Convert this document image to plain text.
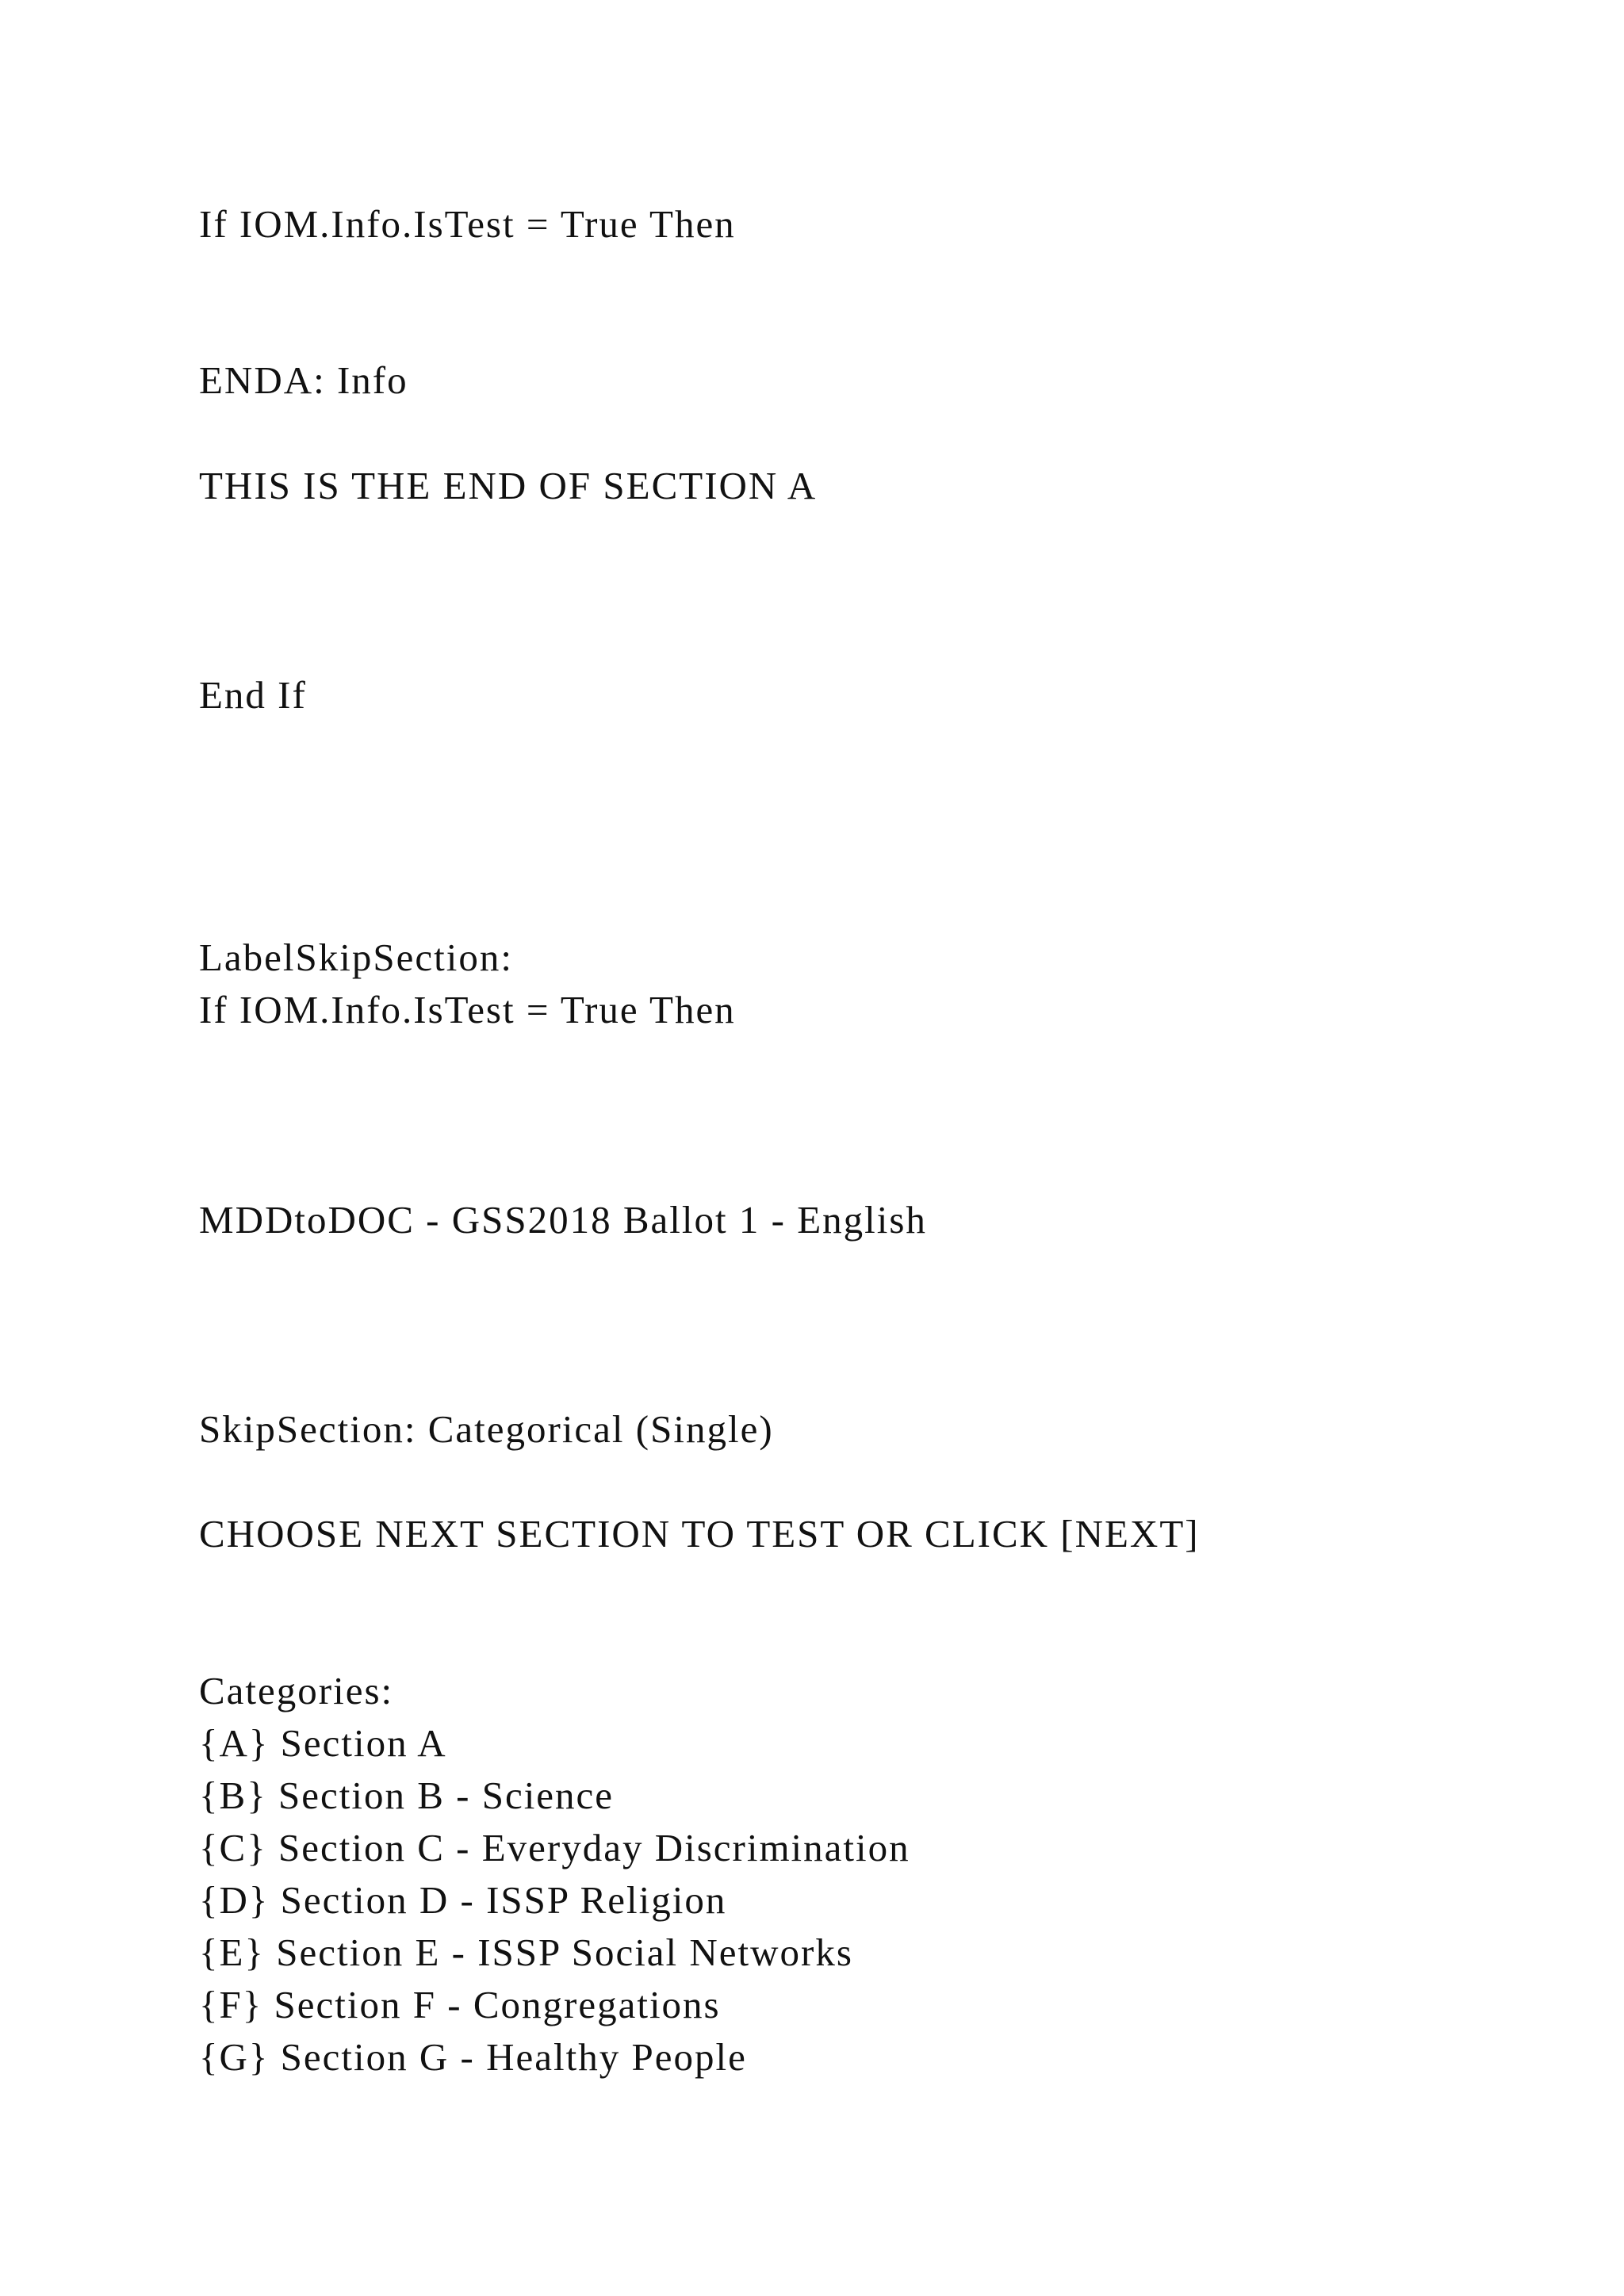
If IOM.Info.IsTest = True Then

ENDA: Info

THIS IS THE END OF SECTION A

End If

LabelSkipSection:

If IOM.Info.IsTest = True Then

MDDtoDOC - GSS2018 Ballot 1 - English

SkipSection: Categorical (Single)

CHOOSE NEXT SECTION TO TEST OR CLICK [NEXT]

Categories:

{A} Section A

{B} Section B - Science

{C} Section C - Everyday Discrimination

{D} Section D - ISSP Religion

{E} Section E - ISSP Social Networks

{F} Section F - Congregations

{G} Section G - Healthy People
